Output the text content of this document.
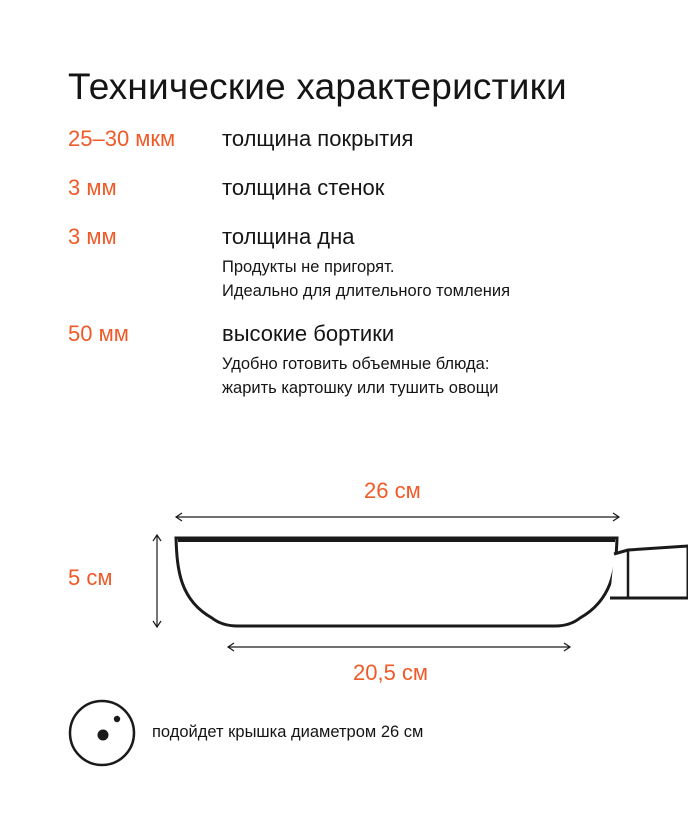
Технические характеристики
25–30 мкм толщина покрытия
3 мм	толщина стенок
3 мм	толщина дна
Продукты не пригорят.
Идеально для длительного томления
50 мм	высокие бортики
Удобно готовить объемные блюда:
жарить картошку или тушить овощи
26 см
5 см
20,5 см
подойдет крышка диаметром 26 см
